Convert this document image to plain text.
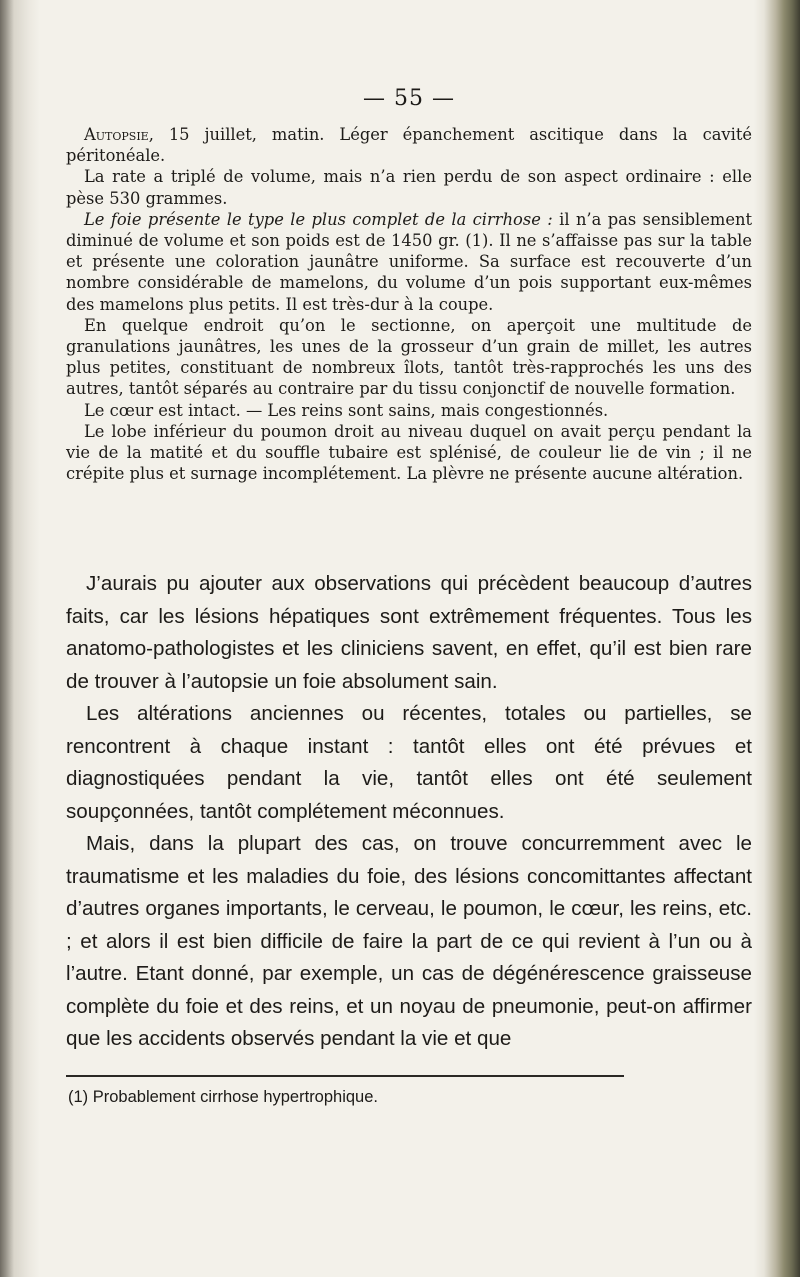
— 55 —

Autopsie, 15 juillet, matin. Léger épanchement ascitique dans la cavité péritonéale.

La rate a triplé de volume, mais n’a rien perdu de son aspect ordinaire : elle pèse 530 grammes.

Le foie présente le type le plus complet de la cirrhose : il n’a pas sensiblement diminué de volume et son poids est de 1450 gr. (1). Il ne s’affaisse pas sur la table et présente une coloration jaunâtre uniforme. Sa surface est recouverte d’un nombre considérable de mamelons, du volume d’un pois supportant eux-mêmes des mamelons plus petits. Il est très-dur à la coupe.

En quelque endroit qu’on le sectionne, on aperçoit une multitude de granulations jaunâtres, les unes de la grosseur d’un grain de millet, les autres plus petites, constituant de nombreux îlots, tantôt très-rapprochés les uns des autres, tantôt séparés au contraire par du tissu conjonctif de nouvelle formation.

Le cœur est intact. — Les reins sont sains, mais congestionnés.

Le lobe inférieur du poumon droit au niveau duquel on avait perçu pendant la vie de la matité et du souffle tubaire est splénisé, de couleur lie de vin ; il ne crépite plus et surnage incomplétement. La plèvre ne présente aucune altération.

J’aurais pu ajouter aux observations qui précèdent beaucoup d’autres faits, car les lésions hépatiques sont extrêmement fréquentes. Tous les anatomo-pathologistes et les cliniciens savent, en effet, qu’il est bien rare de trouver à l’autopsie un foie absolument sain.

Les altérations anciennes ou récentes, totales ou partielles, se rencontrent à chaque instant : tantôt elles ont été prévues et diagnostiquées pendant la vie, tantôt elles ont été seulement soupçonnées, tantôt complétement méconnues.

Mais, dans la plupart des cas, on trouve concurremment avec le traumatisme et les maladies du foie, des lésions concomittantes affectant d’autres organes importants, le cerveau, le poumon, le cœur, les reins, etc. ; et alors il est bien difficile de faire la part de ce qui revient à l’un ou à l’autre. Etant donné, par exemple, un cas de dégénérescence graisseuse complète du foie et des reins, et un noyau de pneumonie, peut-on affirmer que les accidents observés pendant la vie et que

(1) Probablement cirrhose hypertrophique.
